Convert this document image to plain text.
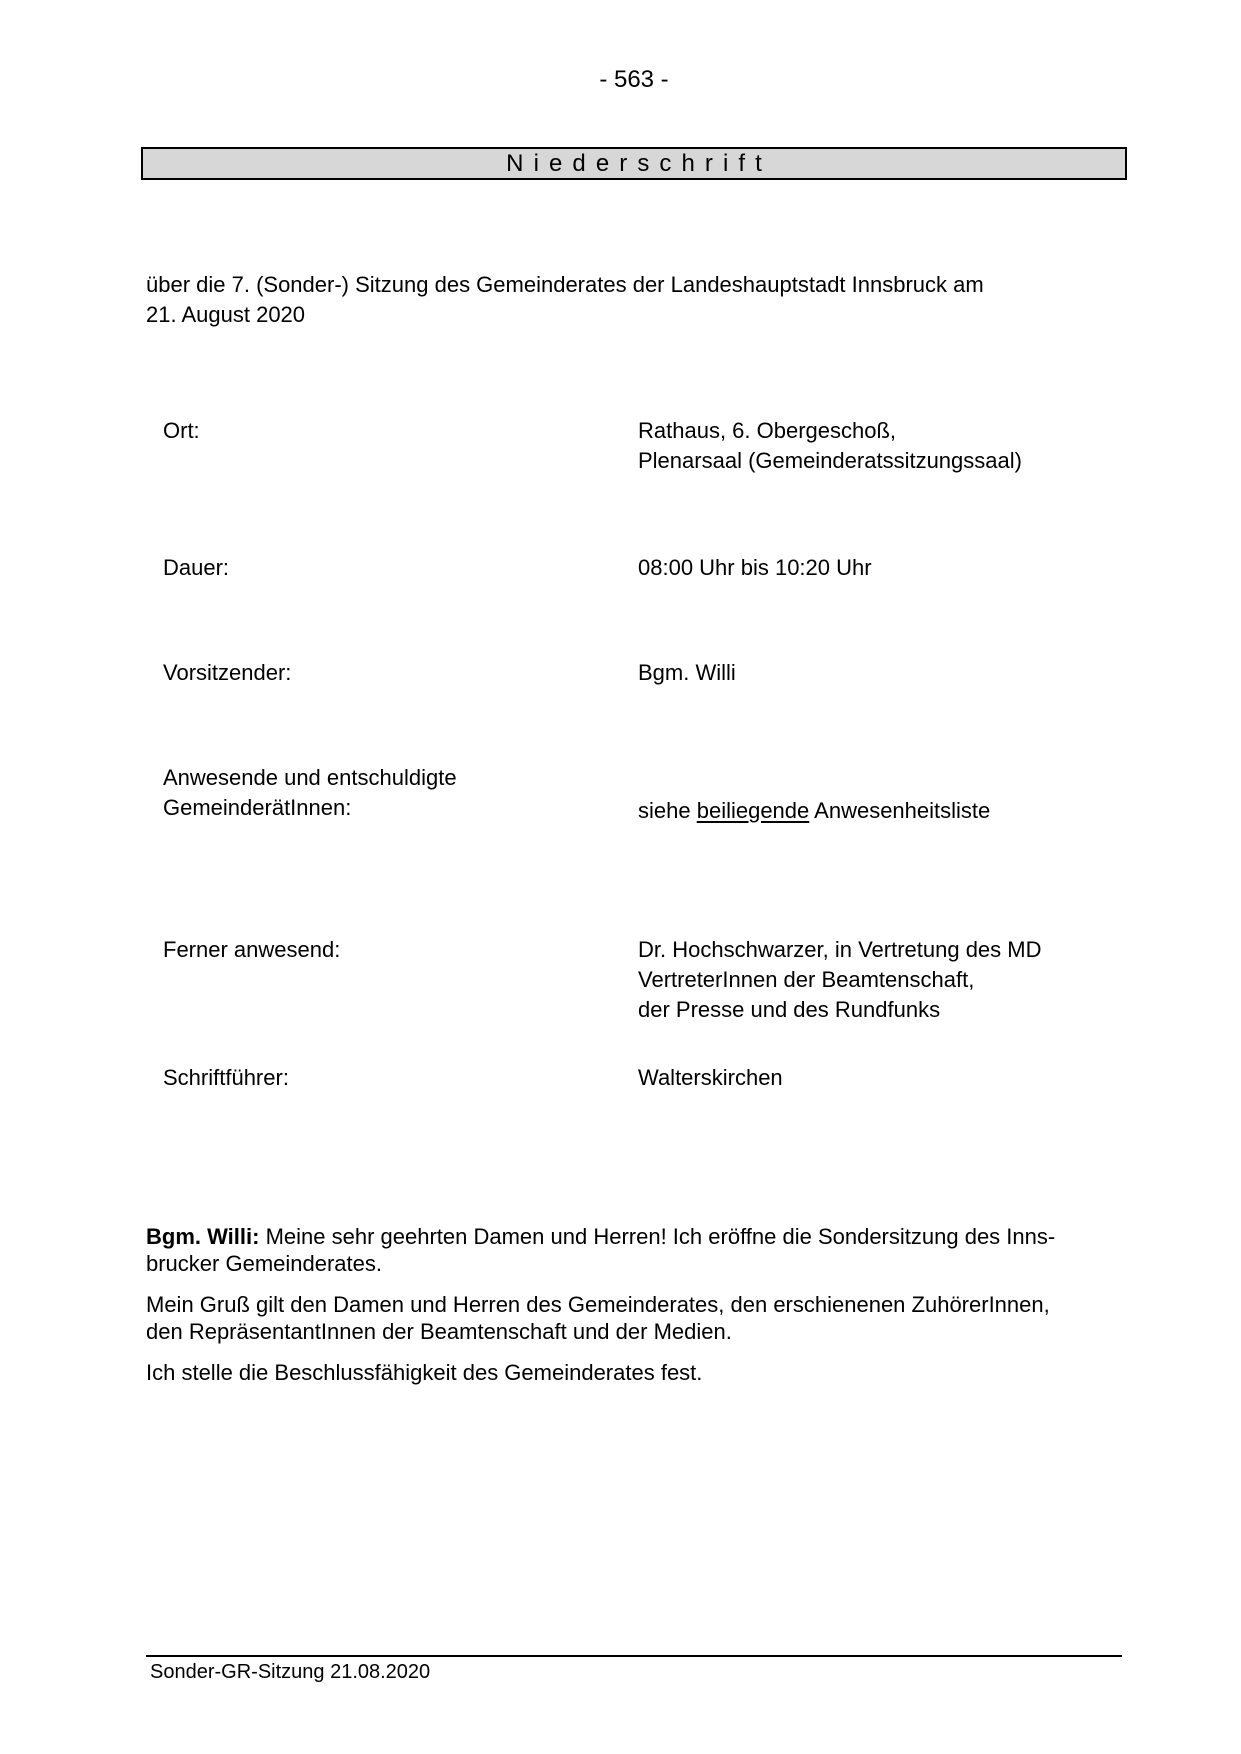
- 563 -
Niederschrift
über die 7. (Sonder-) Sitzung des Gemeinderates der Landeshauptstadt Innsbruck am
21. August 2020
Ort:	Rathaus, 6. Obergeschoß,
Plenarsaal (Gemeinderatssitzungssaal)
Dauer:	08:00 Uhr bis 10:20 Uhr
Vorsitzender:	Bgm. Willi
Anwesende und entschuldigte
GemeinderätInnen:	siehe beiliegende Anwesenheitsliste
Ferner anwesend:	Dr. Hochschwarzer, in Vertretung des MD
VertreterInnen der Beamtenschaft,
der Presse und des Rundfunks
Schriftführer:	Walterskirchen

Bgm. Willi: Meine sehr geehrten Damen und Herren! Ich eröffne die Sondersitzung des Inns-
brucker Gemeinderates.

Mein Gruß gilt den Damen und Herren des Gemeinderates, den erschienenen ZuhörerInnen,
den RepräsentantInnen der Beamtenschaft und der Medien.

Ich stelle die Beschlussfähigkeit des Gemeinderates fest.

Sonder-GR-Sitzung 21.08.2020
